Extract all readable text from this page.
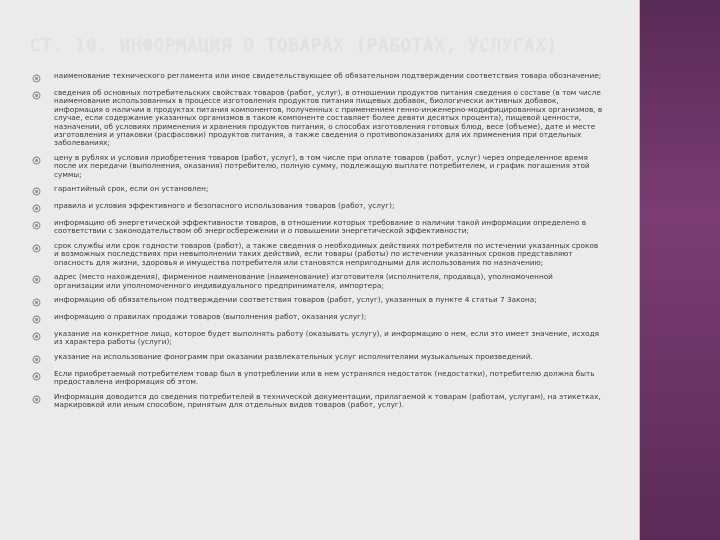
СТ. 10. ИНФОРМАЦИЯ О ТОВАРАХ (РАБОТАХ, УСЛУГАХ)
наименование технического регламента или иное свидетельствующее об обязательном подтверждении соответствия товара обозначение;
сведения об основных потребительских свойствах товаров (работ, услуг), в отношении продуктов питания сведения о составе (в том числе наименование использованных в процессе изготовления продуктов питания пищевых добавок, биологически активных добавок, информация о наличии в продуктах питания компонентов, полученных с применением генно-инженерно-модифицированных организмов, в случае, если содержание указанных организмов в таком компоненте составляет более девяти десятых процента), пищевой ценности, назначении, об условиях применения и хранения продуктов питания, о способах изготовления готовых блюд, весе (объеме), дате и месте изготовления и упаковки (расфасовки) продуктов питания, а также сведения о противопоказаниях для их применения при отдельных заболеваниях;
цену в рублях и условия приобретения товаров (работ, услуг), в том числе при оплате товаров (работ, услуг) через определенное время после их передачи (выполнения, оказания) потребителю, полную сумму, подлежащую выплате потребителем, и график погашения этой суммы;
гарантийный срок, если он установлен;
правила и условия эффективного и безопасного использования товаров (работ, услуг);
информацию об энергетической эффективности товаров, в отношении которых требование о наличии такой информации определено в соответствии с законодательством об энергосбережении и о повышении энергетической эффективности;
срок службы или срок годности товаров (работ), а также сведения о необходимых действиях потребителя по истечении указанных сроков и возможных последствиях при невыполнении таких действий, если товары (работы) по истечении указанных сроков представляют опасность для жизни, здоровья и имущества потребителя или становятся непригодными для использования по назначению;
адрес (место нахождения), фирменное наименование (наименование) изготовителя (исполнителя, продавца), уполномоченной организации или уполномоченного индивидуального предпринимателя, импортера;
информацию об обязательном подтверждении соответствия товаров (работ, услуг), указанных в пункте 4 статьи 7 Закона;
информацию о правилах продажи товаров (выполнения работ, оказания услуг);
указание на конкретное лицо, которое будет выполнять работу (оказывать услугу), и информацию о нем, если это имеет значение, исходя из характера работы (услуги);
указание на использование фонограмм при оказании развлекательных услуг исполнителями музыкальных произведений.
Если приобретаемый потребителем товар был в употреблении или в нем устранялся недостаток (недостатки), потребителю должна быть предоставлена информация об этом.
Информация доводится до сведения потребителей в технической документации, прилагаемой к товарам (работам, услугам), на этикетках, маркировкой или иным способом, принятым для отдельных видов товаров (работ, услуг).
